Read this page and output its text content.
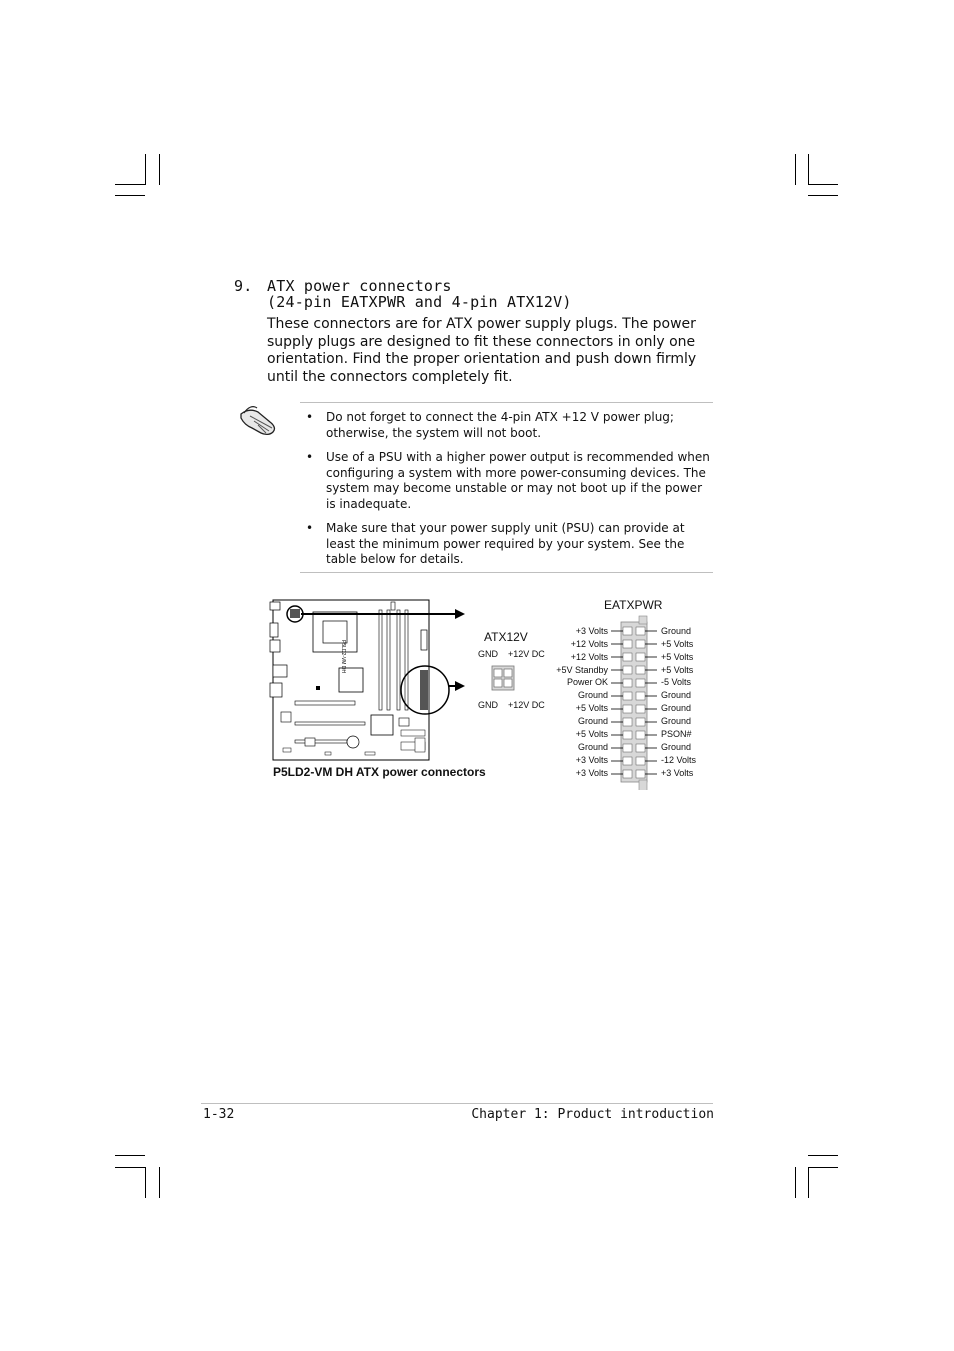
9. ATX power connectors
(24-pin EATXPWR and 4-pin ATX12V)
These connectors are for ATX power supply plugs. The power supply plugs are designed to fit these connectors in only one orientation. Find the proper orientation and push down firmly until the connectors completely fit.
• Do not forget to connect the 4-pin ATX +12 V power plug; otherwise, the system will not boot.
• Use of a PSU with a higher power output is recommended when configuring a system with more power-consuming devices. The system may become unstable or may not boot up if the power is inadequate.
• Make sure that your power supply unit (PSU) can provide at least the minimum power required by your system. See the table below for details.
P5LD2-VM DH
P5LD2-VM DH ATX power connectors
ATX12V
GND +12V DC
GND +12V DC
EATXPWR
+3 Volts
+12 Volts
+12 Volts
+5V Standby
Power OK
Ground
+5 Volts
Ground
+5 Volts
Ground
+3 Volts
+3 Volts
Ground
+5 Volts
+5 Volts
+5 Volts
-5 Volts
Ground
Ground
Ground
PSON#
Ground
-12 Volts
+3 Volts
1-32	Chapter 1: Product introduction
